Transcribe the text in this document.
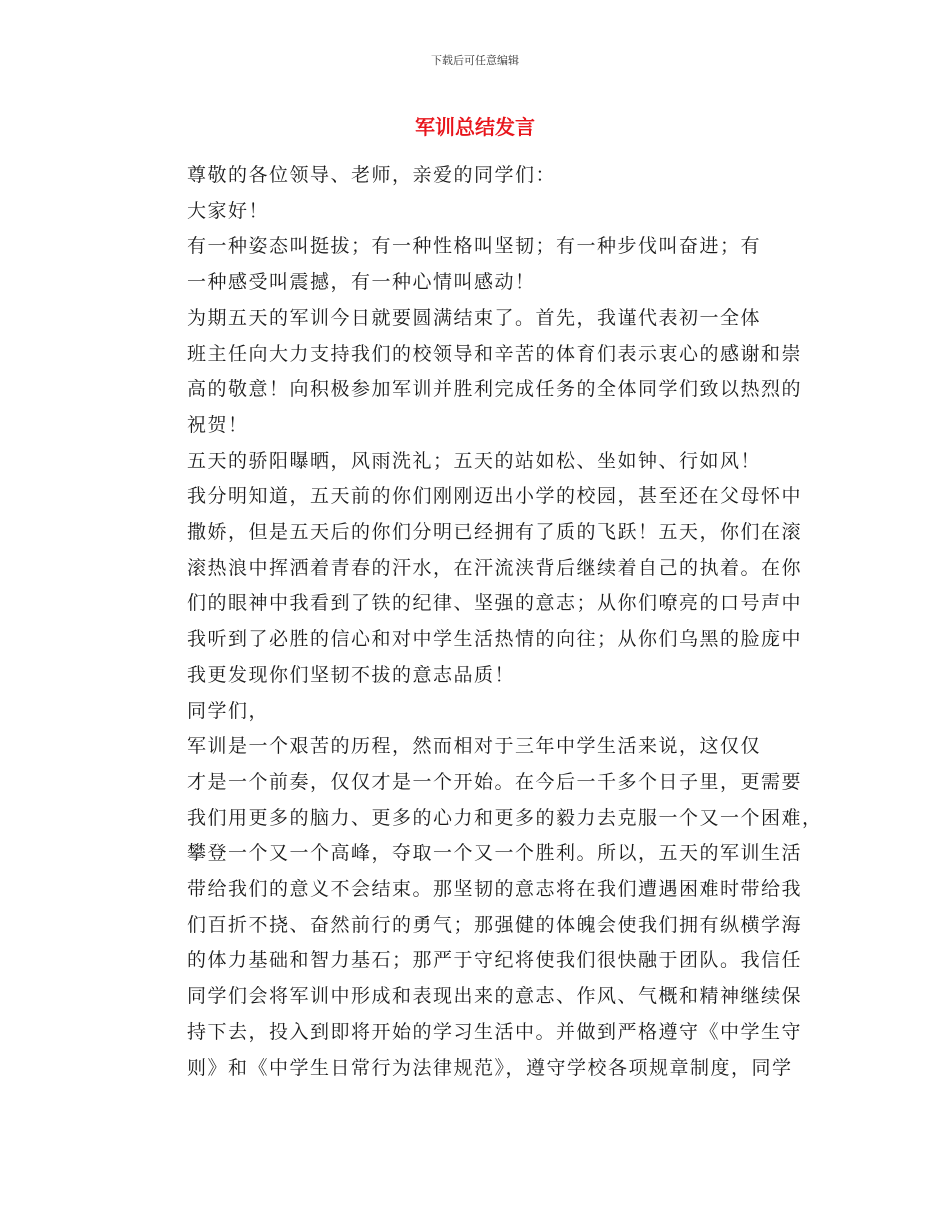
下载后可任意编辑
军训总结发言

尊敬的各位领导、老师，亲爱的同学们：

大家好！

有一种姿态叫挺拔；有一种性格叫坚韧；有一种步伐叫奋进；有
一种感受叫震撼，有一种心情叫感动！

为期五天的军训今日就要圆满结束了。首先，我谨代表初一全体
班主任向大力支持我们的校领导和辛苦的体育们表示衷心的感谢和崇
高的敬意！向积极参加军训并胜利完成任务的全体同学们致以热烈的
祝贺！

五天的骄阳曝晒，风雨洗礼；五天的站如松、坐如钟、行如风！
我分明知道，五天前的你们刚刚迈出小学的校园，甚至还在父母怀中
撒娇，但是五天后的你们分明已经拥有了质的飞跃！五天，你们在滚
滚热浪中挥洒着青春的汗水，在汗流浃背后继续着自己的执着。在你
们的眼神中我看到了铁的纪律、坚强的意志；从你们嘹亮的口号声中
我听到了必胜的信心和对中学生活热情的向往；从你们乌黑的脸庞中
我更发现你们坚韧不拔的意志品质！

同学们，

军训是一个艰苦的历程，然而相对于三年中学生活来说，这仅仅
才是一个前奏，仅仅才是一个开始。在今后一千多个日子里，更需要
我们用更多的脑力、更多的心力和更多的毅力去克服一个又一个困难，
攀登一个又一个高峰，夺取一个又一个胜利。所以，五天的军训生活
带给我们的意义不会结束。那坚韧的意志将在我们遭遇困难时带给我
们百折不挠、奋然前行的勇气；那强健的体魄会使我们拥有纵横学海
的体力基础和智力基石；那严于守纪将使我们很快融于团队。我信任
同学们会将军训中形成和表现出来的意志、作风、气概和精神继续保
持下去，投入到即将开始的学习生活中。并做到严格遵守《中学生守
则》和《中学生日常行为法律规范》，遵守学校各项规章制度，同学
